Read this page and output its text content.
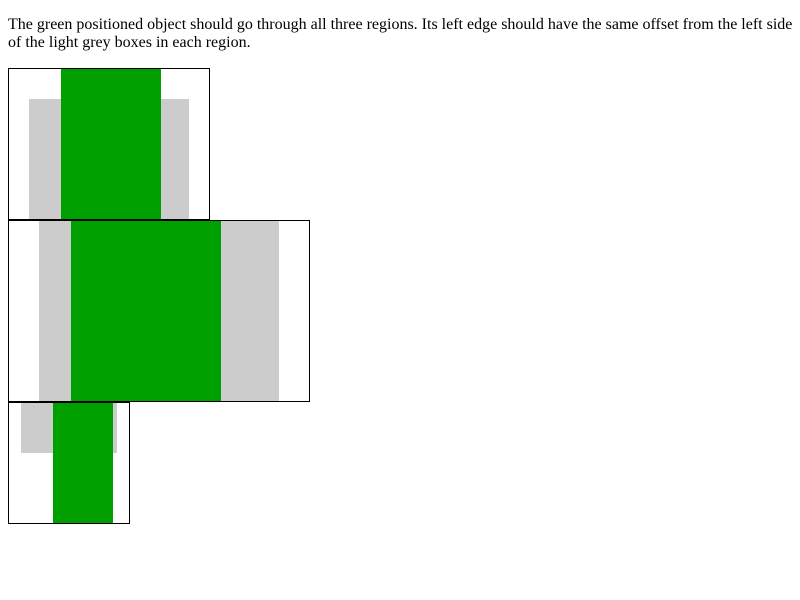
The green positioned object should go through all three regions. Its left edge should have the same offset from the left side of the light grey boxes in each region.
